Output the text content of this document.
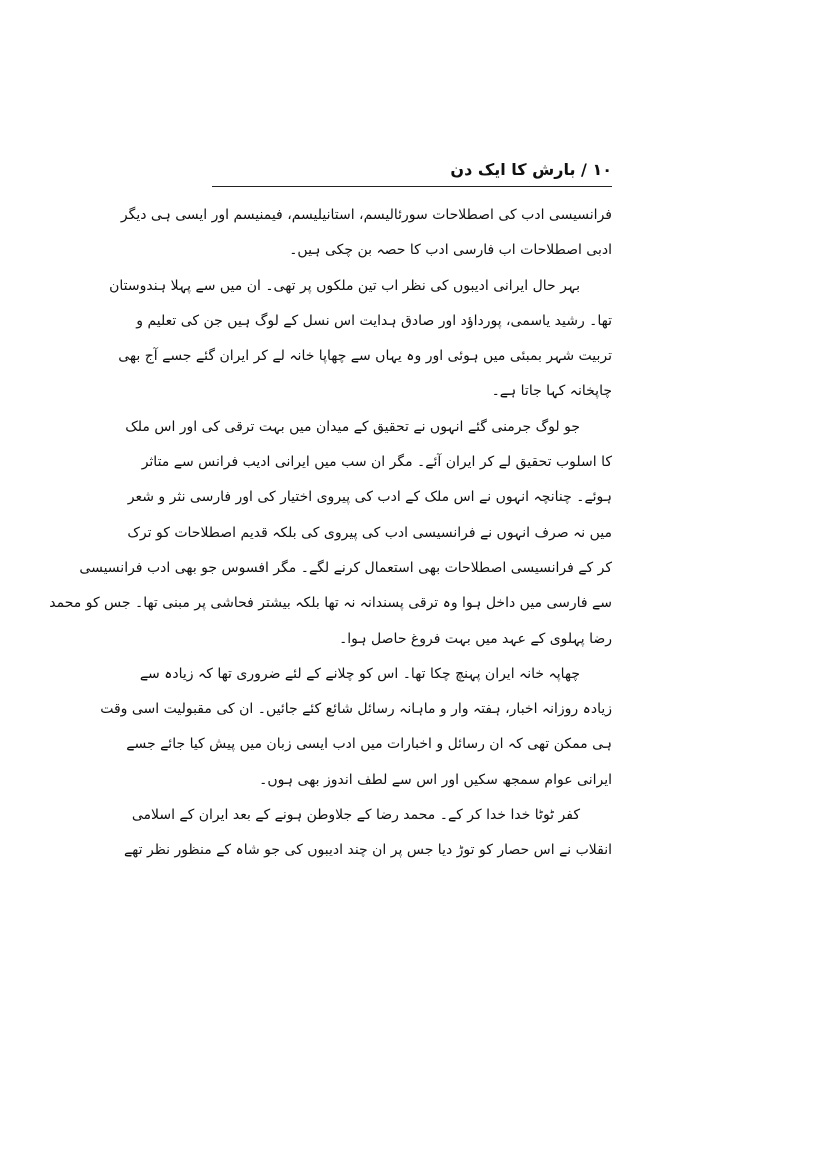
۱۰ / بارش کا ایک دن
فرانسیسی ادب کی اصطلاحات سورئالیسم، استانیلیسم، فیمنیسم اور ایسی ہی دیگر
ادبی اصطلاحات اب فارسی ادب کا حصہ بن چکی ہیں۔
بہر حال ایرانی ادیبوں کی نظر اب تین ملکوں پر تھی۔ ان میں سے پہلا ہندوستان
تھا۔ رشید یاسمی، پورداؤد اور صادق ہدایت اس نسل کے لوگ ہیں جن کی تعلیم و
تربیت شہر بمبئی میں ہوئی اور وہ یہاں سے چھاپا خانہ لے کر ایران گئے جسے آج بھی
چاپخانہ کہا جاتا ہے۔
جو لوگ جرمنی گئے انہوں نے تحقیق کے میدان میں بہت ترقی کی اور اس ملک
کا اسلوب تحقیق لے کر ایران آئے۔ مگر ان سب میں ایرانی ادیب فرانس سے متاثر
ہوئے۔ چنانچہ انہوں نے اس ملک کے ادب کی پیروی اختیار کی اور فارسی نثر و شعر
میں نہ صرف انہوں نے فرانسیسی ادب کی پیروی کی بلکہ قدیم اصطلاحات کو ترک
کر کے فرانسیسی اصطلاحات بھی استعمال کرنے لگے۔ مگر افسوس جو بھی ادب فرانسیسی
سے فارسی میں داخل ہوا وہ ترقی پسندانہ نہ تھا بلکہ بیشتر فحاشی پر مبنی تھا۔ جس کو محمد
رضا پہلوی کے عہد میں بہت فروغ حاصل ہوا۔
چھاپہ خانہ ایران پہنچ چکا تھا۔ اس کو چلانے کے لئے ضروری تھا کہ زیادہ سے
زیادہ روزانہ اخبار، ہفتہ وار و ماہانہ رسائل شائع کئے جائیں۔ ان کی مقبولیت اسی وقت
ہی ممکن تھی کہ ان رسائل و اخبارات میں ادب ایسی زبان میں پیش کیا جائے جسے
ایرانی عوام سمجھ سکیں اور اس سے لطف اندوز بھی ہوں۔
کفر ٹوٹا خدا خدا کر کے۔ محمد رضا کے جلاوطن ہونے کے بعد ایران کے اسلامی
انقلاب نے اس حصار کو توڑ دیا جس پر ان چند ادیبوں کی جو شاہ کے منظور نظر تھے
